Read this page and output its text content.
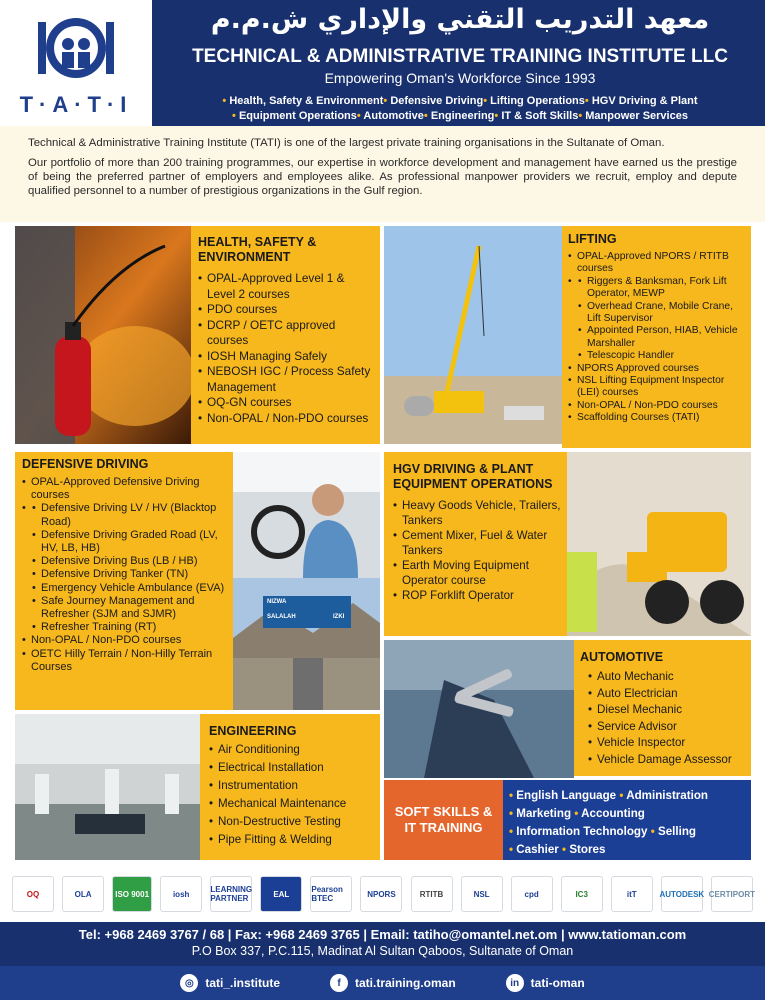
T·A·T·I
معهد التدريب التقني والإداري ش.م.م
TECHNICAL & ADMINISTRATIVE TRAINING INSTITUTE LLC
Empowering Oman's Workforce Since 1993
• Health, Safety & Environment• Defensive Driving• Lifting Operations• HGV Driving & Plant
• Equipment Operations• Automotive• Engineering• IT & Soft Skills• Manpower Services

Technical & Administrative Training Institute (TATI) is one of the largest private training organisations in the Sultanate of Oman.

Our portfolio of more than 200 training programmes, our expertise in workforce development and management have earned us the prestige of being the preferred partner of employers and employees alike. As professional manpower providers we recruit, employ and depute qualified personnel to a number of prestigious organizations in the Gulf region.

HEALTH, SAFETY & ENVIRONMENT
• OPAL-Approved Level 1 & Level 2 courses
• PDO courses
• DCRP / OETC approved courses
• IOSH Managing Safely
• NEBOSH IGC / Process Safety Management
• OQ-GN courses
• Non-OPAL / Non-PDO courses
LIFTING
• OPAL-Approved NPORS / RTITB courses
• • Riggers & Banksman, Fork Lift Operator, MEWP
• Overhead Crane, Mobile Crane, Lift Supervisor
• Appointed Person, HIAB, Vehicle Marshaller
• Telescopic Handler
• NPORS Approved courses
• NSL Lifting Equipment Inspector (LEI) courses
• Non-OPAL / Non-PDO courses
• Scaffolding Courses (TATI)
DEFENSIVE DRIVING
• OPAL-Approved Defensive Driving courses
• • Defensive Driving LV / HV (Blacktop Road)
• Defensive Driving Graded Road (LV, HV, LB, HB)
• Defensive Driving Bus (LB / HB)
• Defensive Driving Tanker (TN)
• Emergency Vehicle Ambulance (EVA)
• Safe Journey Management and Refresher (SJM and SJMR)
• Refresher Training (RT)
• Non-OPAL / Non-PDO courses
• OETC Hilly Terrain / Non-Hilly Terrain Courses
NIZWA
SALALAH	IZKI
HGV DRIVING & PLANT EQUIPMENT OPERATIONS
• Heavy Goods Vehicle, Trailers, Tankers
• Cement Mixer, Fuel & Water Tankers
• Earth Moving Equipment Operator course
• ROP Forklift Operator
AUTOMOTIVE
• Auto Mechanic
• Auto Electrician
• Diesel Mechanic
• Service Advisor
• Vehicle Inspector
• Vehicle Damage Assessor
ENGINEERING
• Air Conditioning
• Electrical Installation
• Instrumentation
• Mechanical Maintenance
• Non-Destructive Testing
• Pipe Fitting & Welding
SOFT SKILLS &
IT TRAINING
• English Language • Administration
• Marketing • Accounting
• Information Technology • Selling
• Cashier • Stores
OQ	OLA	ISO 9001	iosh	LEARNING PARTNER	EAL	Pearson BTEC	NPORS	RTITB	NSL	cpd	IC3	itT	AUTODESK CERTIPORT
Tel: +968 2469 3767 / 68 | Fax: +968 2469 3765 | Email: tatiho@omantel.net.om | www.tatioman.com
P.O Box 337, P.C.115, Madinat Al Sultan Qaboos, Sultanate of Oman
◎ tati_.institute	f	tati.training.oman	in tati-oman
